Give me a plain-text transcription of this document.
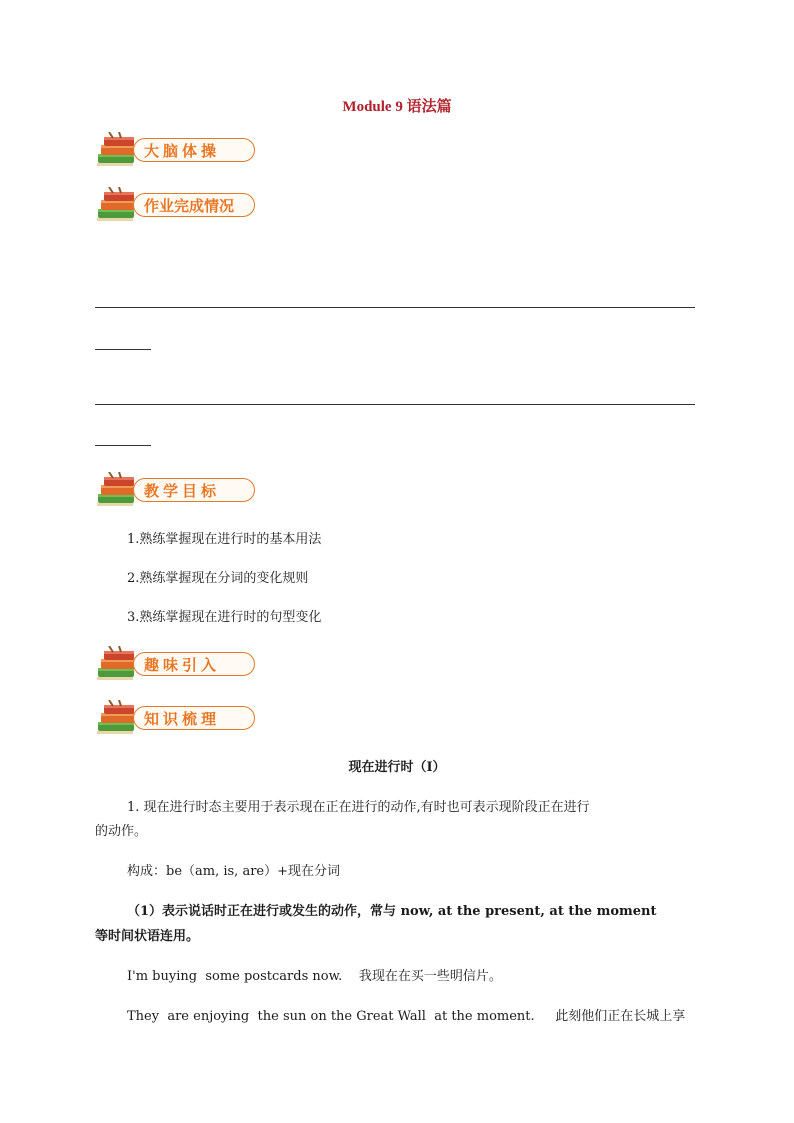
Module 9 语法篇
大脑体操
作业完成情况
教学目标
1.熟练掌握现在进行时的基本用法
2.熟练掌握现在分词的变化规则
3.熟练掌握现在进行时的句型变化
趣味引入
知识梳理
现在进行时（I）
1. 现在进行时态主要用于表示现在正在进行的动作,有时也可表示现阶段正在进行
的动作。
构成：be（am, is, are）+现在分词
（1）表示说话时正在进行或发生的动作，常与 now, at the present, at the moment
等时间状语连用。
I'm buying  some postcards now.    我现在在买一些明信片。
They  are enjoying  the sun on the Great Wall  at the moment.     此刻他们正在长城上享
